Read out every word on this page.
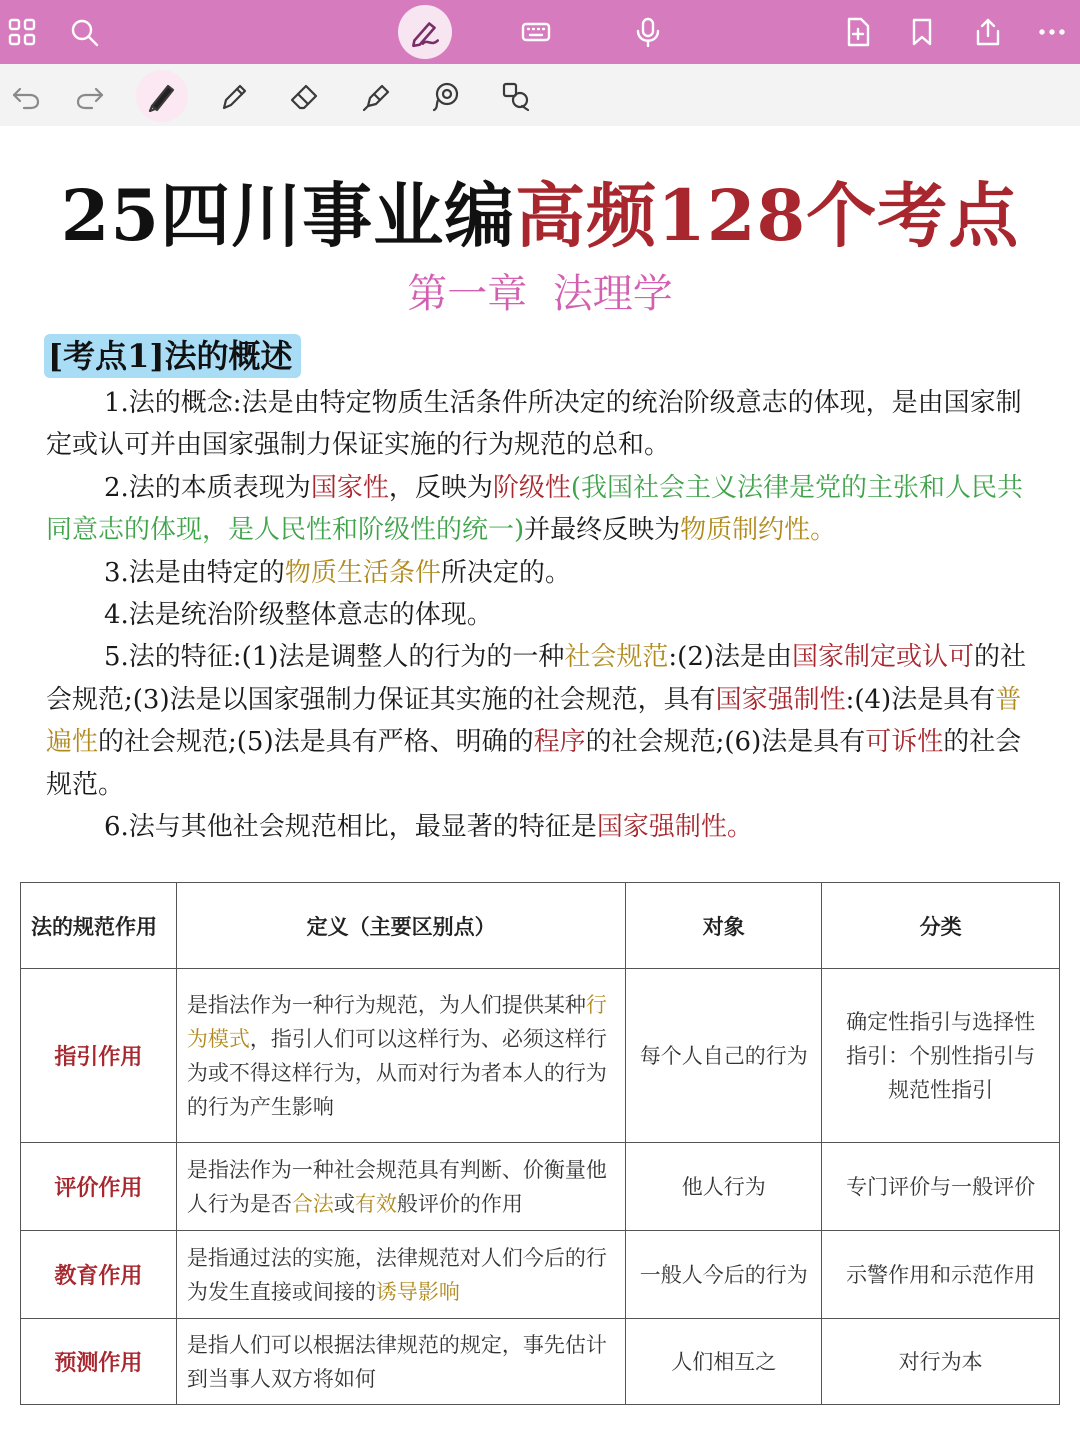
25四川事业编高频128个考点
第一章  法理学
[考点1]法的概述

1.法的概念:法是由特定物质生活条件所决定的统治阶级意志的体现，是由国家制定或认可并由国家强制力保证实施的行为规范的总和。

2.法的本质表现为国家性，反映为阶级性(我国社会主义法律是党的主张和人民共同意志的体现，是人民性和阶级性的统一)并最终反映为物质制约性。

3.法是由特定的物质生活条件所决定的。

4.法是统治阶级整体意志的体现。

5.法的特征:(1)法是调整人的行为的一种社会规范:(2)法是由国家制定或认可的社会规范;(3)法是以国家强制力保证其实施的社会规范，具有国家强制性:(4)法是具有普遍性的社会规范;(5)法是具有严格、明确的程序的社会规范;(6)法是具有可诉性的社会规范。

6.法与其他社会规范相比，最显著的特征是国家强制性。

法的规范作用	定义（主要区别点）	对象	分类
指引作用	是指法作为一种行为规范，为人们提供某种行为模式，指引人们可以这样行为、必须这样行为或不得这样行为，从而对行为者本人的行为的行为产生影响	每个人自己的行为	确定性指引与选择性指引：个别性指引与规范性指引
评价作用	是指法作为一种社会规范具有判断、价衡量他人行为是否合法或有效般评价的作用	他人行为	专门评价与一般评价
教育作用	是指通过法的实施，法律规范对人们今后的行为发生直接或间接的诱导影响	一般人今后的行为	示警作用和示范作用
预测作用	是指人们可以根据法律规范的规定，事先估计到当事人双方将如何	人们相互之	对行为本
